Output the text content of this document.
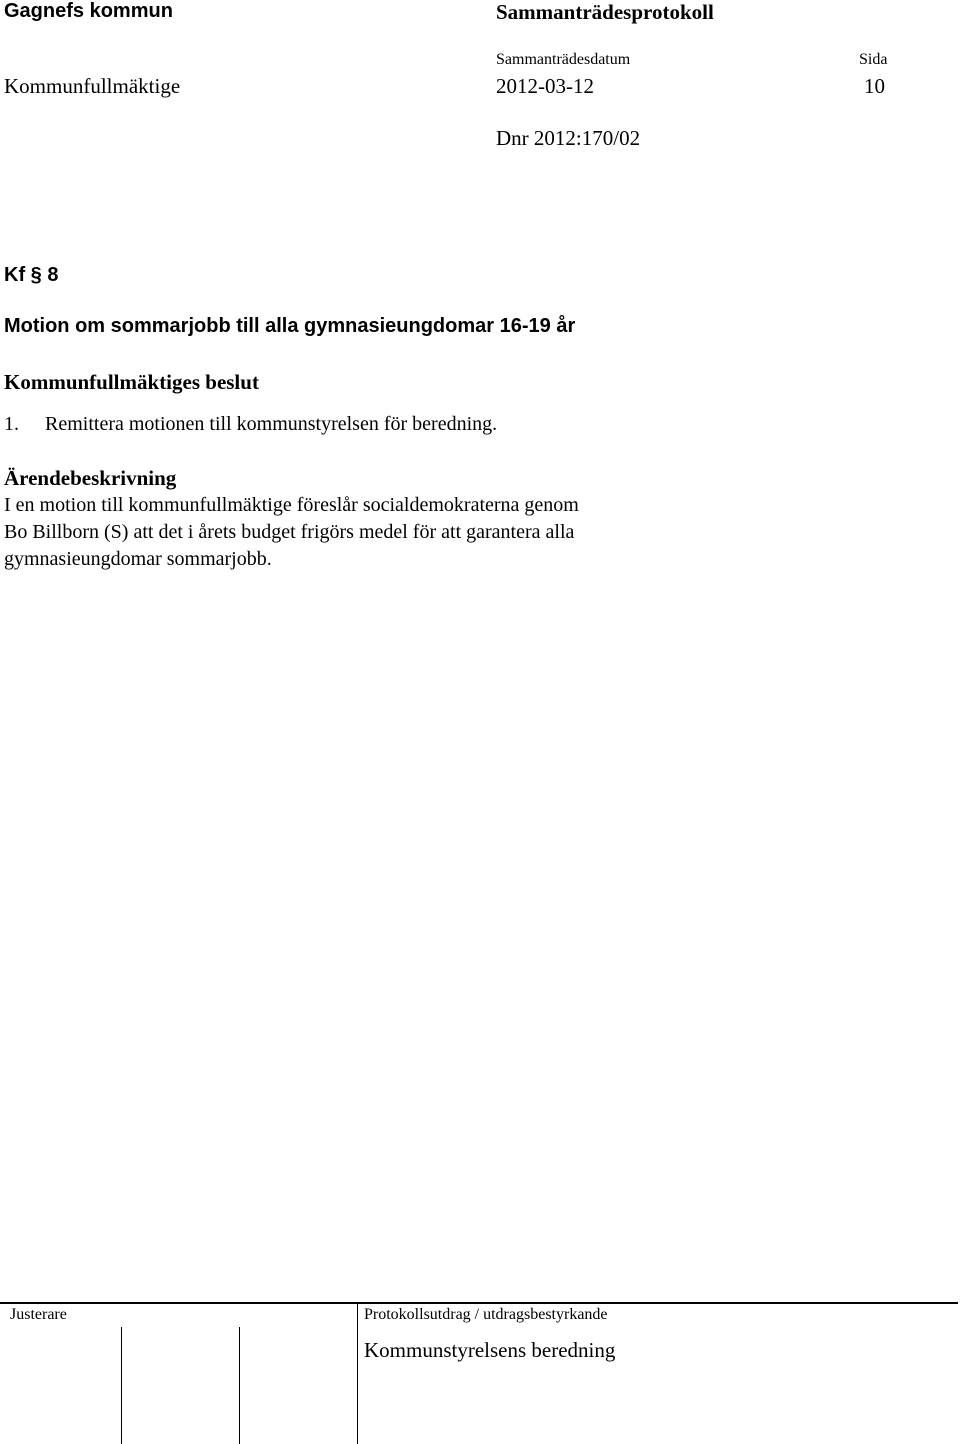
Gagnefs kommun	Sammanträdesprotokoll
Sammanträdesdatum	Sida
Kommunfullmäktige	2012-03-12	10
Dnr 2012:170/02
Kf § 8
Motion om sommarjobb till alla gymnasieungdomar 16-19 år
Kommunfullmäktiges beslut
1. Remittera motionen till kommunstyrelsen för beredning.
Ärendebeskrivning
I en motion till kommunfullmäktige föreslår socialdemokraterna genom
Bo Billborn (S) att det i årets budget frigörs medel för att garantera alla
gymnasieungdomar sommarjobb.
Justerare	Protokollsutdrag / utdragsbestyrkande
Kommunstyrelsens beredning
